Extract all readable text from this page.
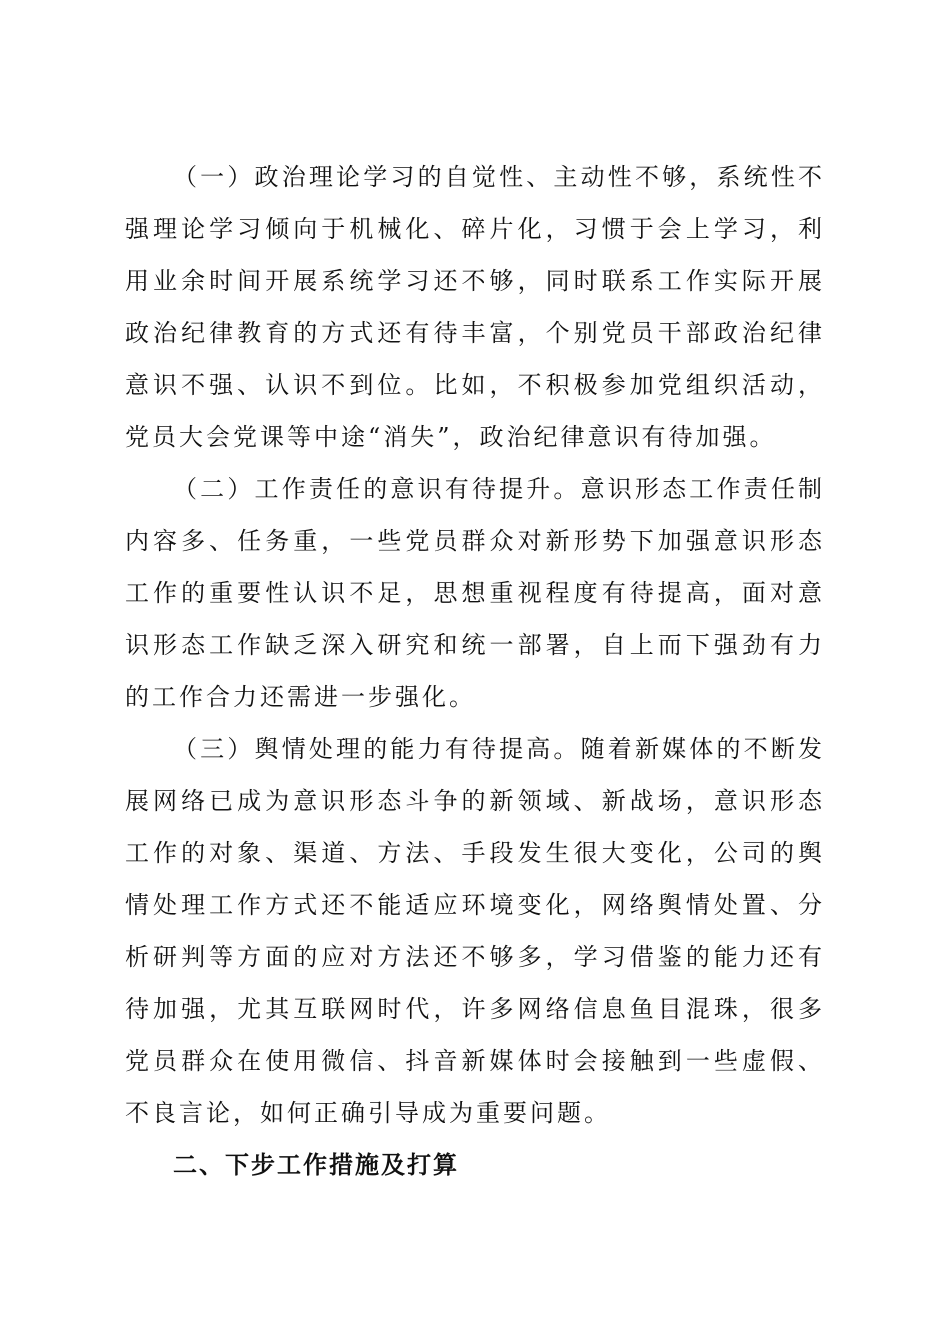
（一）政治理论学习的自觉性、主动性不够，系统性不强理论学习倾向于机械化、碎片化，习惯于会上学习，利用业余时间开展系统学习还不够，同时联系工作实际开展政治纪律教育的方式还有待丰富，个别党员干部政治纪律意识不强、认识不到位。比如，不积极参加党组织活动，党员大会党课等中途“消失”，政治纪律意识有待加强。

（二）工作责任的意识有待提升。意识形态工作责任制内容多、任务重，一些党员群众对新形势下加强意识形态工作的重要性认识不足，思想重视程度有待提高，面对意识形态工作缺乏深入研究和统一部署，自上而下强劲有力的工作合力还需进一步强化。

（三）舆情处理的能力有待提高。随着新媒体的不断发展网络已成为意识形态斗争的新领域、新战场，意识形态工作的对象、渠道、方法、手段发生很大变化，公司的舆情处理工作方式还不能适应环境变化，网络舆情处置、分析研判等方面的应对方法还不够多，学习借鉴的能力还有待加强，尤其互联网时代，许多网络信息鱼目混珠，很多党员群众在使用微信、抖音新媒体时会接触到一些虚假、不良言论，如何正确引导成为重要问题。

二、下步工作措施及打算
